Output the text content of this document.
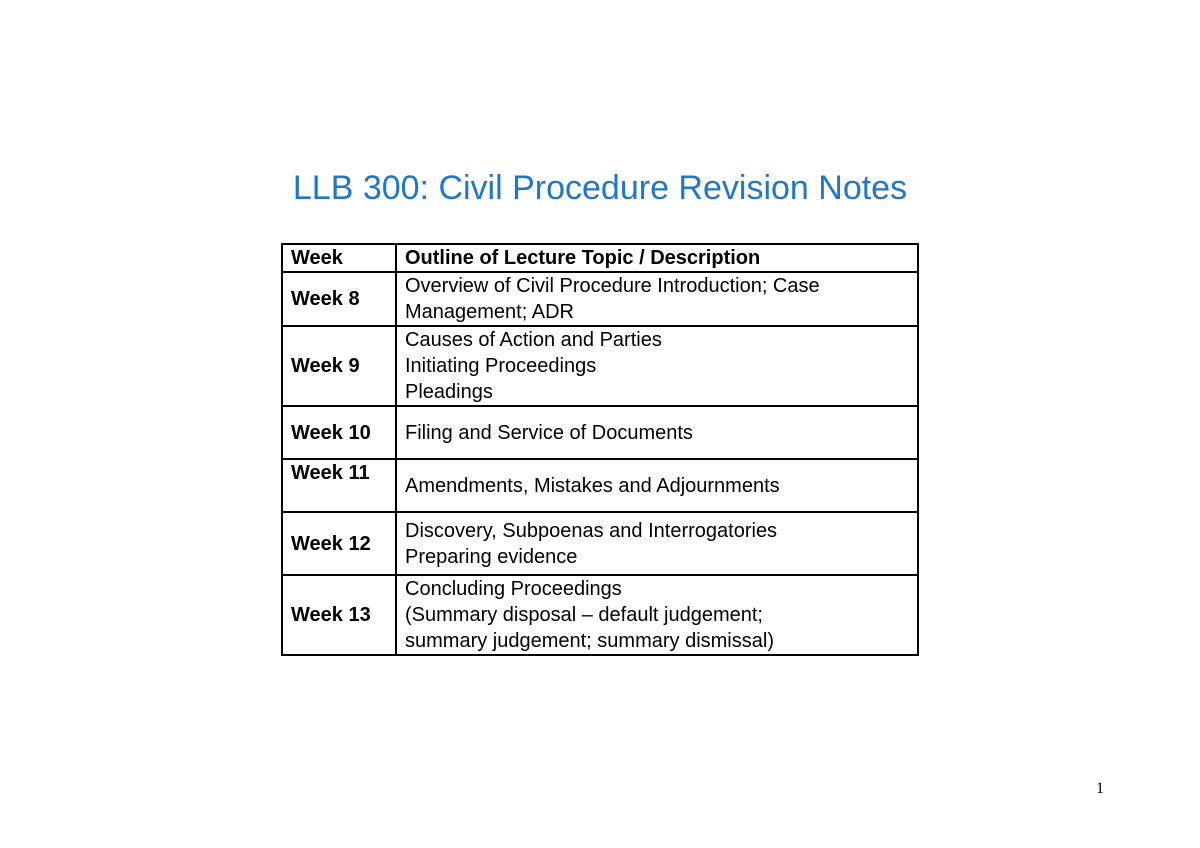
LLB 300: Civil Procedure Revision Notes
Week	Outline of Lecture Topic / Description
Week 8	Overview of Civil Procedure Introduction; Case
Management; ADR

Week 9	Causes of Action and Parties
Initiating Proceedings
Pleadings

Week 10	Filing and Service of Documents

Week 11	Amendments, Mistakes and Adjournments

Week 12	Discovery, Subpoenas and Interrogatories
Preparing evidence

Week 13	Concluding Proceedings
(Summary disposal – default judgement;
summary judgement; summary dismissal)
1
